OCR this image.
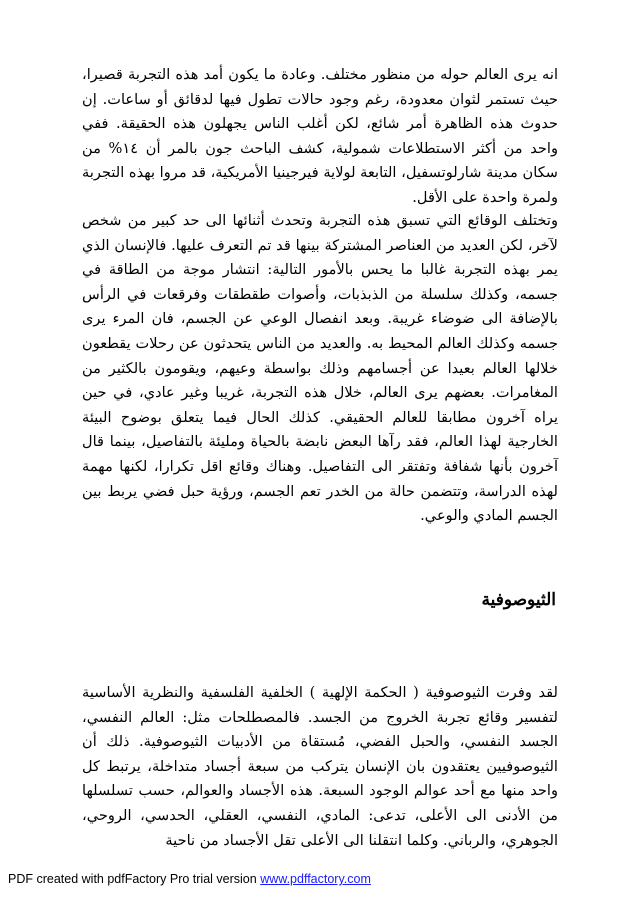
انه يرى العالم حوله من منظور مختلف. وعادة ما يكون أمد هذه التجربة قصيرا، حيث تستمر لثوان معدودة، رغم وجود حالات تطول فيها لدقائق أو ساعات. إن حدوث هذه الظاهرة أمر شائع، لكن أغلب الناس يجهلون هذه الحقيقة. ففي واحد من أكثر الاستطلاعات شمولية، كشف الباحث جون بالمر أن ١٤% من سكان مدينة شارلوتسفيل، التابعة لولاية فيرجينيا الأمريكية، قد مروا بهذه التجربة ولمرة واحدة على الأقل.

وتختلف الوقائع التي تسبق هذه التجربة وتحدث أثنائها الى حد كبير من شخص لآخر، لكن العديد من العناصر المشتركة بينها قد تم التعرف عليها. فالإنسان الذي يمر بهذه التجربة غالبا ما يحس بالأمور التالية: انتشار موجة من الطاقة في جسمه، وكذلك سلسلة من الذبذبات، وأصوات طقطقات وفرقعات في الرأس بالإضافة الى ضوضاء غريبة. وبعد انفصال الوعي عن الجسم، فان المرء يرى جسمه وكذلك العالم المحيط به. والعديد من الناس يتحدثون عن رحلات يقطعون خلالها العالم بعيدا عن أجسامهم وذلك بواسطة وعيهم، ويقومون بالكثير من المغامرات. بعضهم يرى العالم، خلال هذه التجربة، غريبا وغير عادي، في حين يراه آخرون مطابقا للعالم الحقيقي. كذلك الحال فيما يتعلق بوضوح البيئة الخارجية لهذا العالم، فقد رآها البعض نابضة بالحياة ومليئة بالتفاصيل، بينما قال آخرون بأنها شفافة وتفتقر الى التفاصيل. وهناك وقائع اقل تكرارا، لكنها مهمة لهذه الدراسة، وتتضمن حالة من الخدر تعم الجسم، ورؤية حبل فضي يربط بين الجسم المادي والوعي.

الثيوصوفية

لقد وفرت الثيوصوفية ( الحكمة الإلهية ) الخلفية الفلسفية والنظرية الأساسية لتفسير وقائع تجربة الخروج من الجسد. فالمصطلحات مثل: العالم النفسي، الجسد النفسي، والحبل الفضي، مُستقاة من الأدبيات الثيوصوفية. ذلك أن الثيوصوفيين يعتقدون بان الإنسان يتركب من سبعة أجساد متداخلة، يرتبط كل واحد منها مع أحد عوالم الوجود السبعة. هذه الأجساد والعوالم، حسب تسلسلها من الأدنى الى الأعلى، تدعى: المادي، النفسي، العقلي، الحدسي، الروحي، الجوهري، والرباني. وكلما انتقلنا الى الأعلى تقل الأجساد من ناحية

PDF created with pdfFactory Pro trial version www.pdffactory.com
